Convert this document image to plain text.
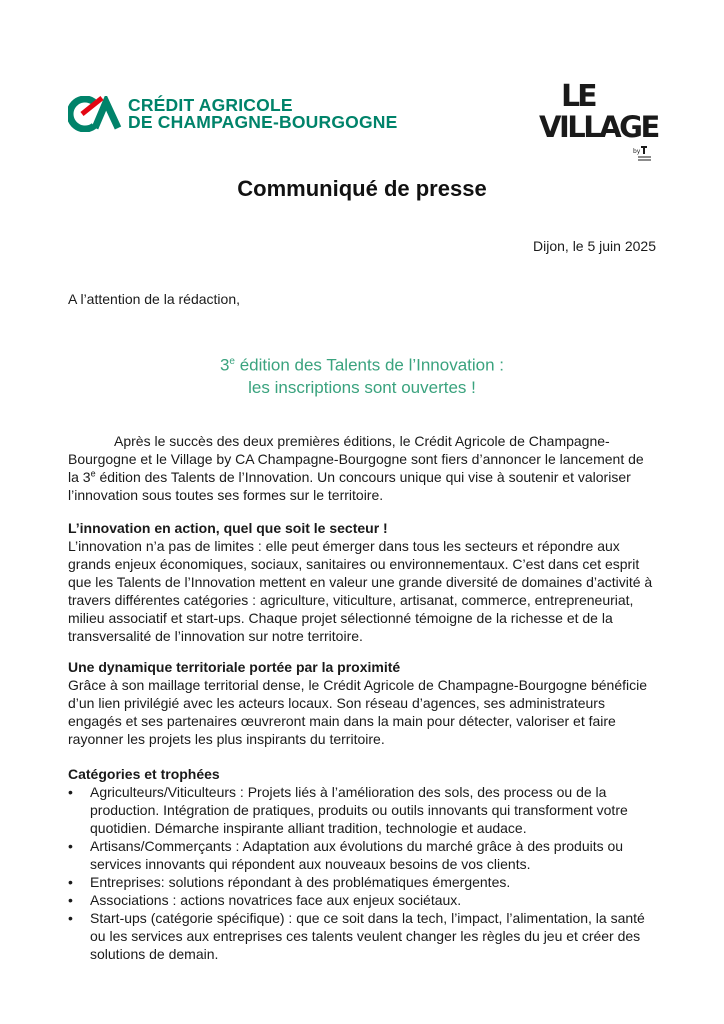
CRÉDIT AGRICOLE
DE CHAMPAGNE-BOURGOGNE
LE
VILLAGE
by
Communiqué de presse
Dijon, le 5 juin 2025
A l’attention de la rédaction,
3e édition des Talents de l’Innovation :
les inscriptions sont ouvertes !
Après le succès des deux premières éditions, le Crédit Agricole de Champagne-Bourgogne et le Village by CA Champagne-Bourgogne sont fiers d’annoncer le lancement de la 3e édition des Talents de l’Innovation. Un concours unique qui vise à soutenir et valoriser l’innovation sous toutes ses formes sur le territoire.
L’innovation en action, quel que soit le secteur !
L’innovation n’a pas de limites : elle peut émerger dans tous les secteurs et répondre aux grands enjeux économiques, sociaux, sanitaires ou environnementaux. C’est dans cet esprit que les Talents de l’Innovation mettent en valeur une grande diversité de domaines d’activité à travers différentes catégories : agriculture, viticulture, artisanat, commerce, entrepreneuriat, milieu associatif et start-ups. Chaque projet sélectionné témoigne de la richesse et de la transversalité de l’innovation sur notre territoire.
Une dynamique territoriale portée par la proximité
Grâce à son maillage territorial dense, le Crédit Agricole de Champagne-Bourgogne bénéficie d’un lien privilégié avec les acteurs locaux. Son réseau d’agences, ses administrateurs engagés et ses partenaires œuvreront main dans la main pour détecter, valoriser et faire rayonner les projets les plus inspirants du territoire.
Catégories et trophées
• Agriculteurs/Viticulteurs : Projets liés à l’amélioration des sols, des process ou de la production. Intégration de pratiques, produits ou outils innovants qui transforment votre quotidien. Démarche inspirante alliant tradition, technologie et audace.
• Artisans/Commerçants : Adaptation aux évolutions du marché grâce à des produits ou services innovants qui répondent aux nouveaux besoins de vos clients.
• Entreprises: solutions répondant à des problématiques émergentes.
• Associations : actions novatrices face aux enjeux sociétaux.
• Start-ups (catégorie spécifique) : que ce soit dans la tech, l’impact, l’alimentation, la santé ou les services aux entreprises ces talents veulent changer les règles du jeu et créer des solutions de demain.
